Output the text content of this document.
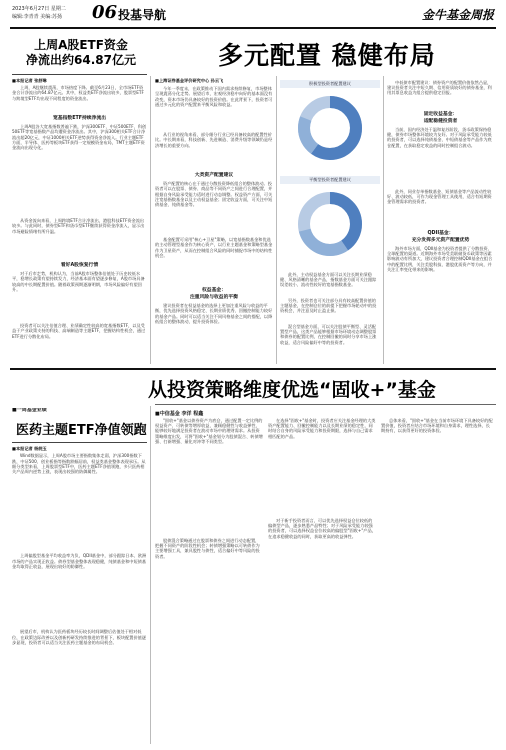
2023年6月27日 星期二
编辑:李青青 美编:苏扬 06 投基导航	金牛基金周报
多元配置 稳健布局
上周A股ETF资金
净流出约64.87亿元
■本报记者 张舒琳
上周，A股继续震荡，市场热度下降。截至6月23日，全市场ETF资金合计净流出约64.87亿元。其中，权益类ETF净流出较多，股票型ETF与跨境型ETF均出现不同程度的资金流出。
宽基指数ETF持续净流出
上周A股各大宽基指数普遍下跌，沪深300ETF、中证500ETF、科创50ETF等宽基指数产品均遭资金净流出。其中，沪深300相关ETF合计净流出超20亿元，中证1000相关ETF逆势获得资金净流入。行业主题ETF方面，半导体、医药等板块ETF获得一定规模资金布局，TMT主题ETF资金流向出现分化。
从资金流向来看，上周跨境ETF合计净流出，港股科技ETF资金流出较多。与此同时，债券型ETF和货币型ETF继续获得资金净流入，显示出市场避险情绪有所升温。
看好A股恢复行情
对于后市走势，机构认为，当前A股市场整体估值处于历史较低水平，稳增长政策有望持续发力，经济基本面有望逐步修复，A股市场具备较高的中长期配置价值。随着政策预期逐渐明朗，市场风险偏好有望回升。
投资者可以关注估值合理、业绩确定性较高的宽基指数ETF，以及受益于产业政策支持的科技、高端制造等主题ETF，把握结构性机会，通过ETF进行分散化布局。
■上海证券基金评价研究中心 孙云飞
今年一季度末，在政策推动下国内需求持续修复，市场整体呈现震荡分化走势。展望后市，宏观经济稳中向好的基本面没有改变，资本市场仍具备较好的投资价值。在此背景下，投资者可通过多元化的资产配置来平衡风险和收益。
从行业的视角来看，部分细分行业已经具备较高的配置性价比。中长期来看，科技创新、先进制造、消费升级等领域仍是经济增长的重要方向。
大类资产配置建议
资产配置的核心在于通过分散投资降低组合的整体波动。投资者可以在股票、债券、商品等不同资产之间进行合理配置，并根据自身风险承受能力适时进行动态调整。权益资产方面，可关注宽基指数基金以及主动权益基金；固定收益方面，可关注中短债基金、纯债基金等。
基金配置可采用"核心+卫星"策略，以宽基指数基金和优选的主动管理型基金作为核心资产，以行业主题基金和策略型基金作为卫星资产，从而在控制组合风险的同时捕捉市场中的结构性机会。
权益基金：
注重风险与收益的平衡
建议投资者在权益基金的选择上更加注重风险与收益的平衡，优先选择投资风格稳定、长期业绩优秀、回撤控制能力较好的基金产品。同时可以适当关注不同风格基金之间的搭配，以降低组合的整体波动，提升投资体验。
积极型投资者配置建议
平衡型投资者配置建议
此外，主动权益基金方面可以关注长期业绩稳健、风格清晰的基金产品，指数基金方面可关注跟踪误差较小、流动性较好的宽基指数基金。
另外，投资者也可关注部分具有较高配置价值的主题基金，在控制仓位的前提下把握市场轮动中的投资机会，并注意及时止盈止损。
混合型基金方面，可以关注股债平衡型、灵活配置型产品，这类产品能够根据市场环境动态调整股票和债券的配置比例，在控制回撤的同时分享市场上涨收益，适合风险偏好中等的投资者。
中低债市配置建议：债券资产的配置价值依然凸显，建议投资者关注中短久期、信用资质较好的债券基金，利用其票息收益为组合提供稳定回报。
固定收益基金：
适配稳健投资者
当前，国内经济处于温和复苏阶段，货币政策保持稳健，债券市场整体环境较为友好。对于风险承受能力较低的投资者，可以选择纯债基金、中短债基金等产品作为底仓配置，在获取稳定收益的同时控制组合波动。
此外，同业存单指数基金、短债基金等产品流动性较好、波动较低，可作为现金管理工具使用，适合有短期资金管理需求的投资者。
QDII基金：
充分发挥多元资产配置优势
海外市场方面，QDII基金为投资者提供了分散投资、全球配置的渠道。近期海外市场受美联储货币政策等因素影响波动有所加大，建议投资者合理控制QDII基金在组合中的配置比例，关注美股科技、港股优质资产等方向，并关注汇率变化带来的影响。
从投资策略维度优选“固收+”基金
■一周基金业绩
医药主题ETF净值领跑
■本报记者 杨皖玉
Wind数据显示，上周A股市场主要指数集体走弱，沪深300指数下跌，中证500、创业板指等指数跌幅居前，权益类基金整体表现承压。从细分类型来看，上周股票型ETF中，医药主题ETF净值领跑，多只医药相关产品周内逆势上涨，表现出较强的防御属性。
上周偏股型基金平均收益率为负，QDII基金中，部分跟踪日本、欧洲市场的产品实现正收益。债券型基金整体表现稳健，纯债基金和中短债基金均取得正收益，展现出较好的防御性。
展望后市，机构认为医药板块经历较长时间调整后估值处于相对低位，在政策边际改善以及创新药研发持续推进的背景下，板块配置价值逐步显现，投资者可以适当关注医药主题基金的布局机会。
■中信基金 李洋 程鑫
"固收+"基金以债券资产为底仓，通过配置一定比例的权益资产、可转债等增厚收益，兼顾稳健性与收益弹性，能够较好地满足投资者在波动市场中的理财需求。从投资策略维度出发，可将"固收+"基金划分为股债混合、转债增强、打新增强、量化对冲等不同类型。
股债混合策略通过在股票和债券之间进行动态配置，把握不同资产的阶段性机会；转债增强策略以可转债作为主要增强工具，兼具股性与债性，适合偏好中等风险的投资者。
在选择"固收+"基金时，投资者应关注基金经理的大类资产配置能力、回撤控制能力以及长期业绩的稳定性，同时结合自身的风险承受能力和投资期限，选择与自己需求相匹配的产品。
对于新手投资者而言，可以优先选择权益仓位较低的偏债型产品，逐步熟悉产品特性；对于风险承受能力较强的投资者，可以选择权益仓位较高的偏股型"固收+"产品，在追求稳健收益的同时，获取更高的收益弹性。
总体来看，"固收+"基金在当前市场环境下具备较好的配置价值，投资者应结合市场环境和自身需求，理性选择，长期持有，以获得更好的投资体验。
